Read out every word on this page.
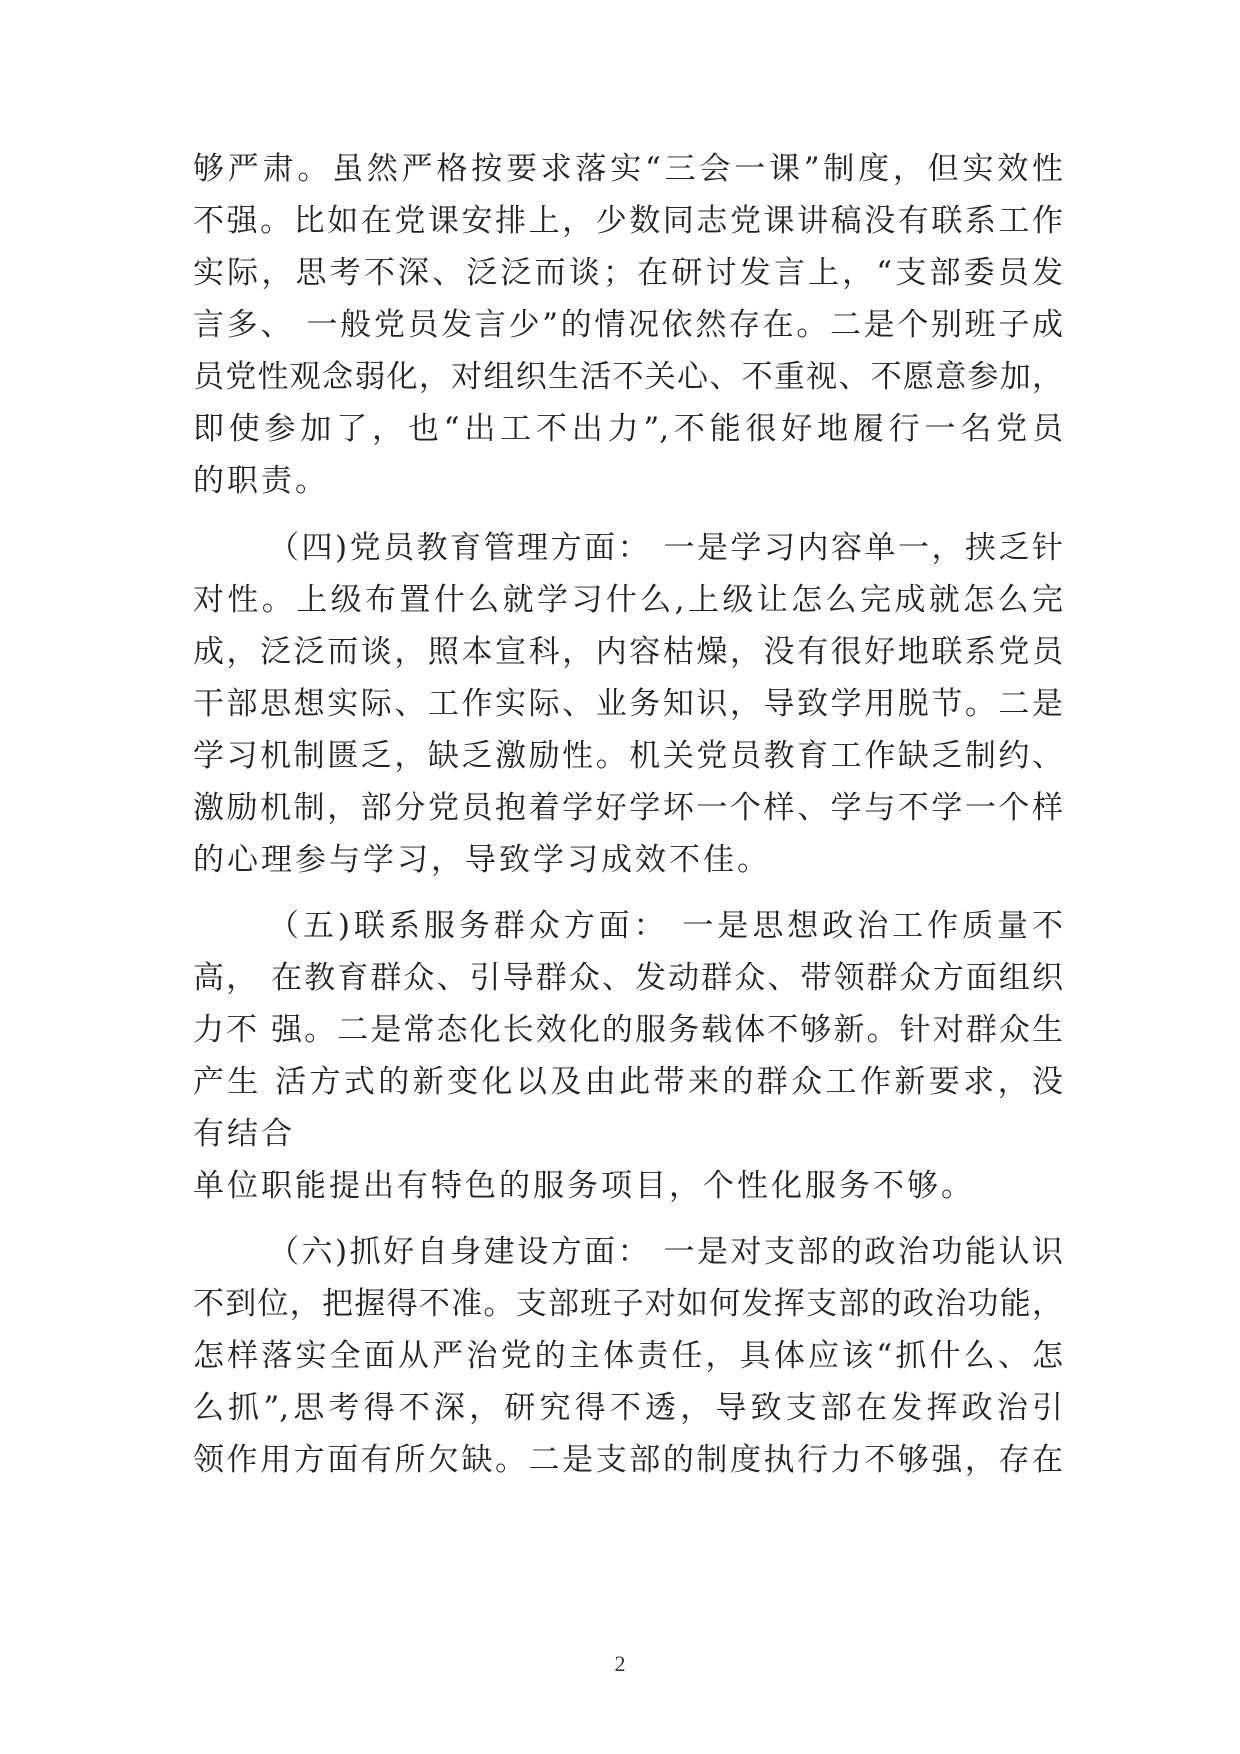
够严肃。虽然严格按要求落实“三会一课”制度，但实效性
不强。比如在党课安排上，少数同志党课讲稿没有联系工作
实际，思考不深、泛泛而谈；在研讨发言上，“支部委员发
言多、 一般党员发言少”的情况依然存在。二是个别班子成
员党性观念弱化，对组织生活不关心、不重视、不愿意参加，
即使参加了，也“出工不出力”,不能很好地履行一名党员
的职责。
（四)党员教育管理方面： 一是学习内容单一，挟乏针
对性。上级布置什么就学习什么,上级让怎么完成就怎么完
成，泛泛而谈，照本宣科，内容枯燥，没有很好地联系党员
干部思想实际、工作实际、业务知识，导致学用脱节。二是
学习机制匮乏，缺乏激励性。机关党员教育工作缺乏制约、
激励机制，部分党员抱着学好学坏一个样、学与不学一个样
的心理参与学习，导致学习成效不佳。
（五)联系服务群众方面： 一是思想政治工作质量不
高， 在教育群众、引导群众、发动群众、带领群众方面组织
力不 强。二是常态化长效化的服务载体不够新。针对群众生
产生 活方式的新变化以及由此带来的群众工作新要求，没
有结合
单位职能提出有特色的服务项目，个性化服务不够。
（六)抓好自身建设方面： 一是对支部的政治功能认识
不到位，把握得不准。支部班子对如何发挥支部的政治功能，
怎样落实全面从严治党的主体责任，具体应该“抓什么、怎
么抓”,思考得不深，研究得不透，导致支部在发挥政治引
领作用方面有所欠缺。二是支部的制度执行力不够强，存在
2
